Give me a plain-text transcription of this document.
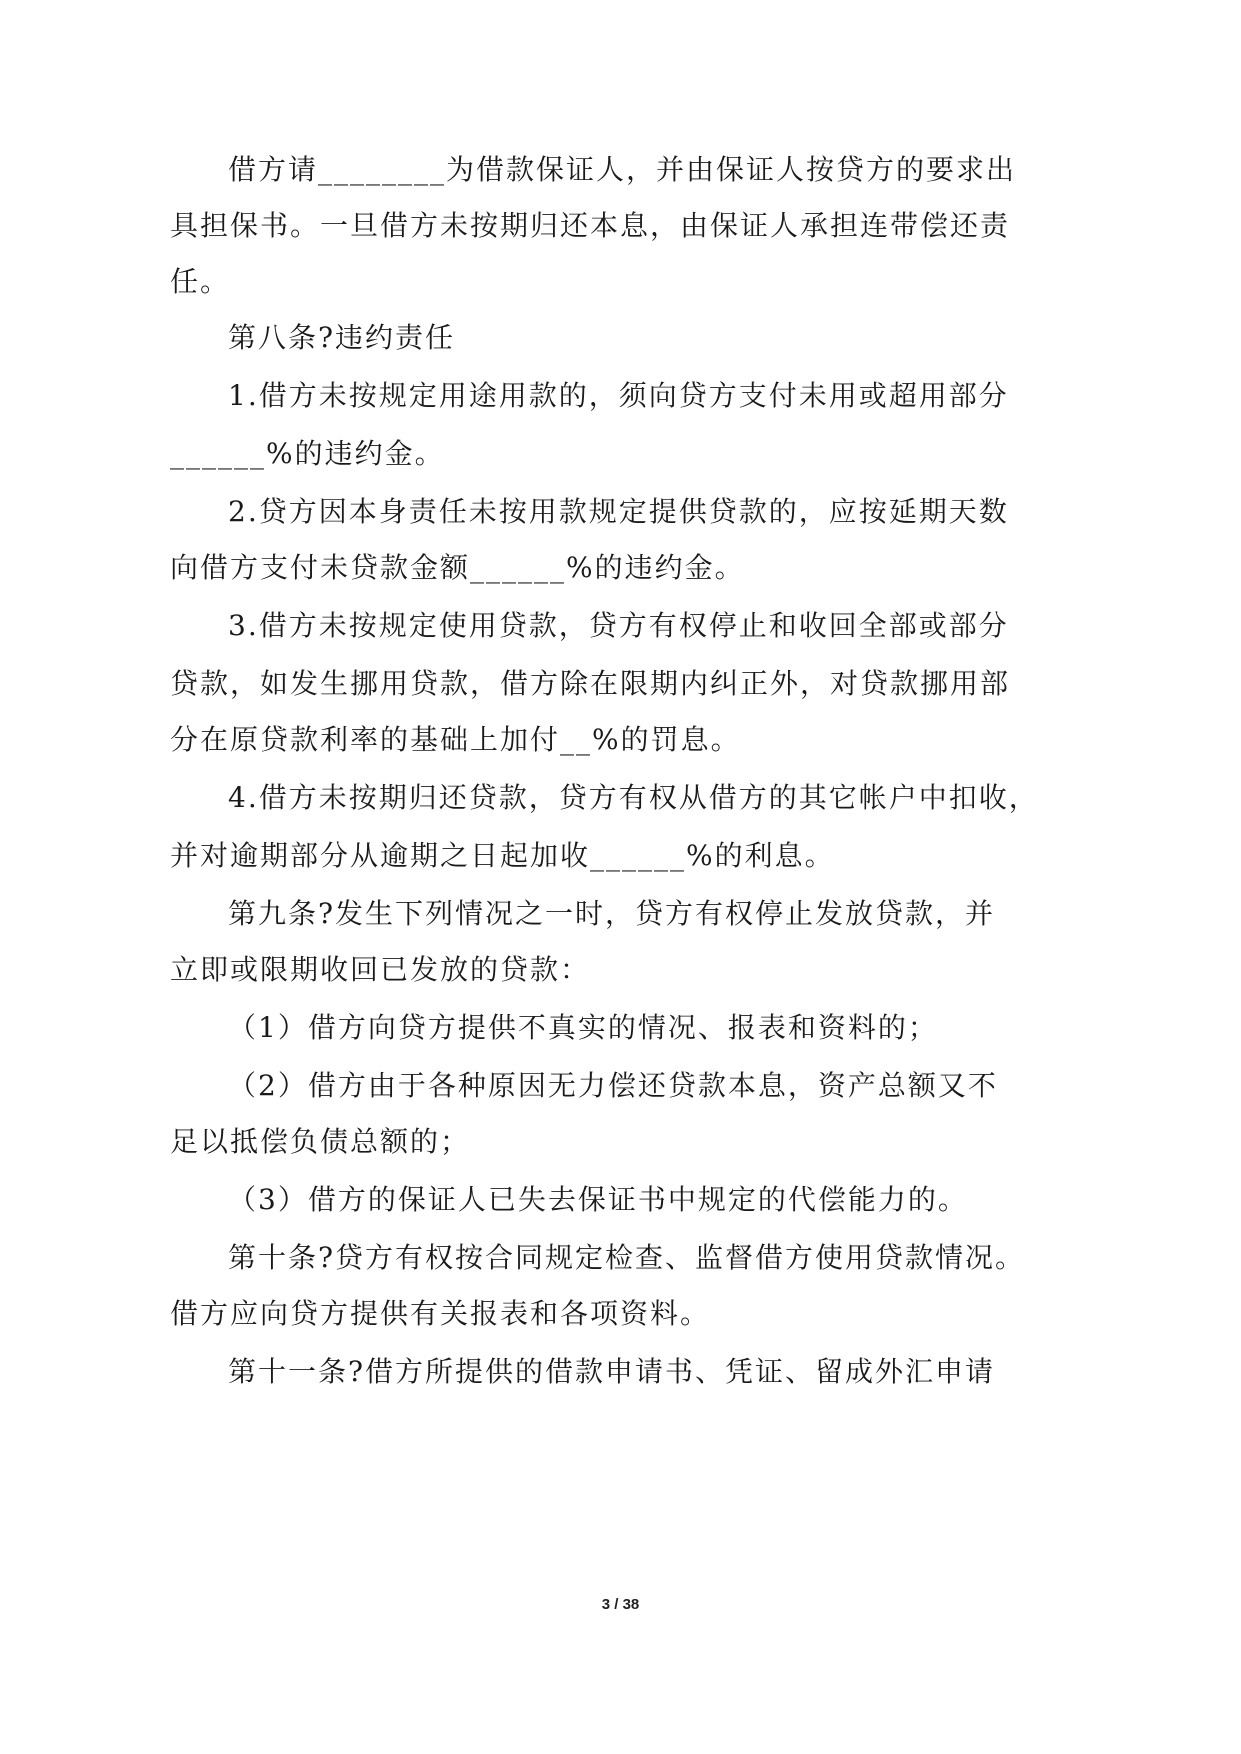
借方请________为借款保证人，并由保证人按贷方的要求出
具担保书。一旦借方未按期归还本息，由保证人承担连带偿还责
任。
第八条?违约责任
1.借方未按规定用途用款的，须向贷方支付未用或超用部分
______%的违约金。
2.贷方因本身责任未按用款规定提供贷款的，应按延期天数
向借方支付未贷款金额______%的违约金。
3.借方未按规定使用贷款，贷方有权停止和收回全部或部分
贷款，如发生挪用贷款，借方除在限期内纠正外，对贷款挪用部
分在原贷款利率的基础上加付__%的罚息。
4.借方未按期归还贷款，贷方有权从借方的其它帐户中扣收，
并对逾期部分从逾期之日起加收______%的利息。
第九条?发生下列情况之一时，贷方有权停止发放贷款，并
立即或限期收回已发放的贷款：
（1）借方向贷方提供不真实的情况、报表和资料的；
（2）借方由于各种原因无力偿还贷款本息，资产总额又不
足以抵偿负债总额的；
（3）借方的保证人已失去保证书中规定的代偿能力的。
第十条?贷方有权按合同规定检查、监督借方使用贷款情况。
借方应向贷方提供有关报表和各项资料。
第十一条?借方所提供的借款申请书、凭证、留成外汇申请
3 / 38
